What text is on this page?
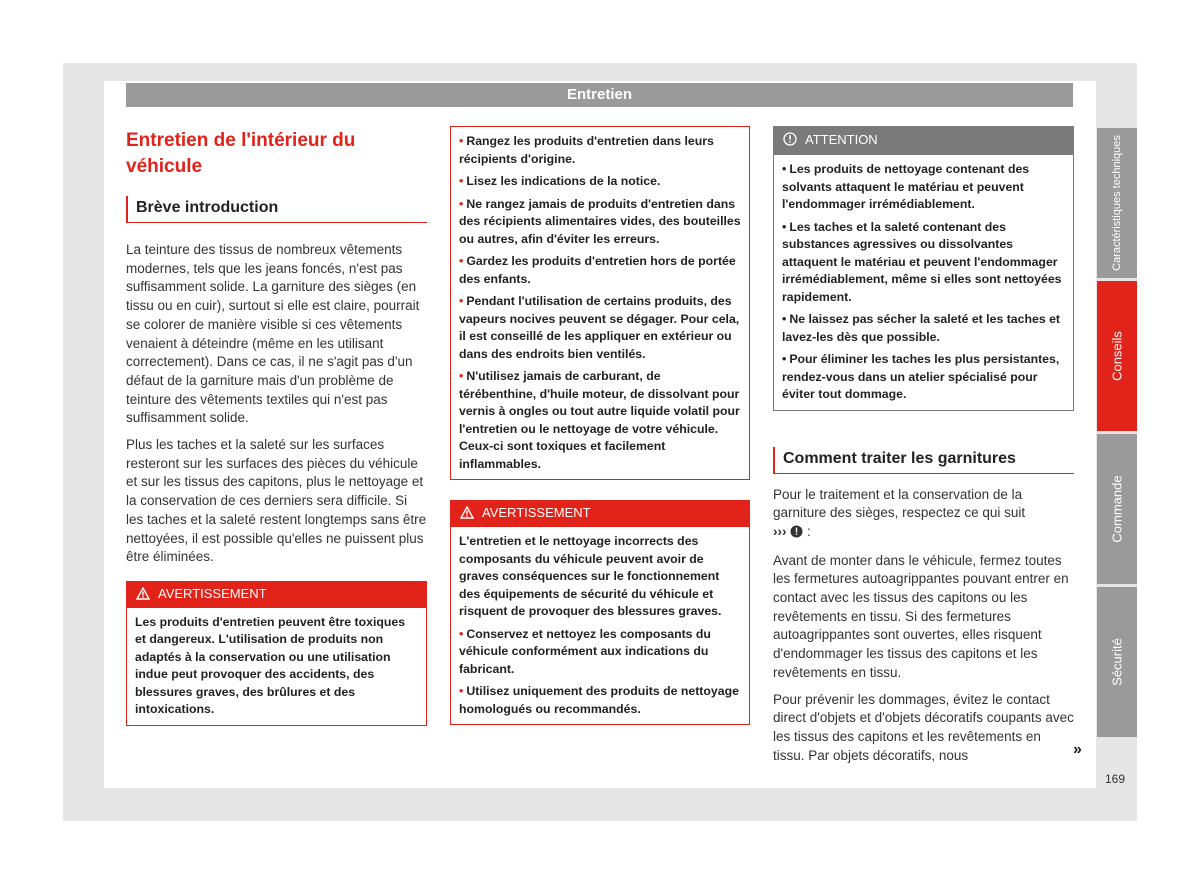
Entretien
Entretien de l'intérieur du véhicule
Brève introduction

La teinture des tissus de nombreux vêtements modernes, tels que les jeans foncés, n'est pas suffisamment solide. La garniture des sièges (en tissu ou en cuir), surtout si elle est claire, pourrait se colorer de manière visible si ces vêtements venaient à déteindre (même en les utilisant correctement). Dans ce cas, il ne s'agit pas d'un défaut de la garniture mais d'un problème de teinture des vêtements textiles qui n'est pas suffisamment solide.

Plus les taches et la saleté sur les surfaces resteront sur les surfaces des pièces du véhicule et sur les tissus des capitons, plus le nettoyage et la conservation de ces derniers sera difficile. Si les taches et la saleté restent longtemps sans être nettoyées, il est possible qu'elles ne puissent plus être éliminées.

AVERTISSEMENT
Les produits d'entretien peuvent être toxiques et dangereux. L'utilisation de produits non adaptés à la conservation ou une utilisation indue peut provoquer des accidents, des blessures graves, des brûlures et des intoxications.
• Rangez les produits d'entretien dans leurs récipients d'origine.
• Lisez les indications de la notice.
• Ne rangez jamais de produits d'entretien dans des récipients alimentaires vides, des bouteilles ou autres, afin d'éviter les erreurs.
• Gardez les produits d'entretien hors de portée des enfants.
• Pendant l'utilisation de certains produits, des vapeurs nocives peuvent se dégager. Pour cela, il est conseillé de les appliquer en extérieur ou dans des endroits bien ventilés.
• N'utilisez jamais de carburant, de térébenthine, d'huile moteur, de dissolvant pour vernis à ongles ou tout autre liquide volatil pour l'entretien ou le nettoyage de votre véhicule. Ceux-ci sont toxiques et facilement inflammables.
AVERTISSEMENT
L'entretien et le nettoyage incorrects des composants du véhicule peuvent avoir de graves conséquences sur le fonctionnement des équipements de sécurité du véhicule et risquent de provoquer des blessures graves.
• Conservez et nettoyez les composants du véhicule conformément aux indications du fabricant.
• Utilisez uniquement des produits de nettoyage homologués ou recommandés.
ATTENTION
• Les produits de nettoyage contenant des solvants attaquent le matériau et peuvent l'endommager irrémédiablement.
• Les taches et la saleté contenant des substances agressives ou dissolvantes attaquent le matériau et peuvent l'endommager irrémédiablement, même si elles sont nettoyées rapidement.
• Ne laissez pas sécher la saleté et les taches et lavez-les dès que possible.
• Pour éliminer les taches les plus persistantes, rendez-vous dans un atelier spécialisé pour éviter tout dommage.
Comment traiter les garnitures

Pour le traitement et la conservation de la garniture des sièges, respectez ce qui suit
››› :

Avant de monter dans le véhicule, fermez toutes les fermetures autoagrippantes pouvant entrer en contact avec les tissus des capitons ou les revêtements en tissu. Si des fermetures autoagrippantes sont ouvertes, elles risquent d'endommager les tissus des capitons et les revêtements en tissu.

Pour prévenir les dommages, évitez le contact direct d'objets et d'objets décoratifs coupants avec les tissus des capitons et les revêtements en tissu. Par objets décoratifs, nous	»
Caractéristiques techniques
Conseils
Commande
Sécurité
169
